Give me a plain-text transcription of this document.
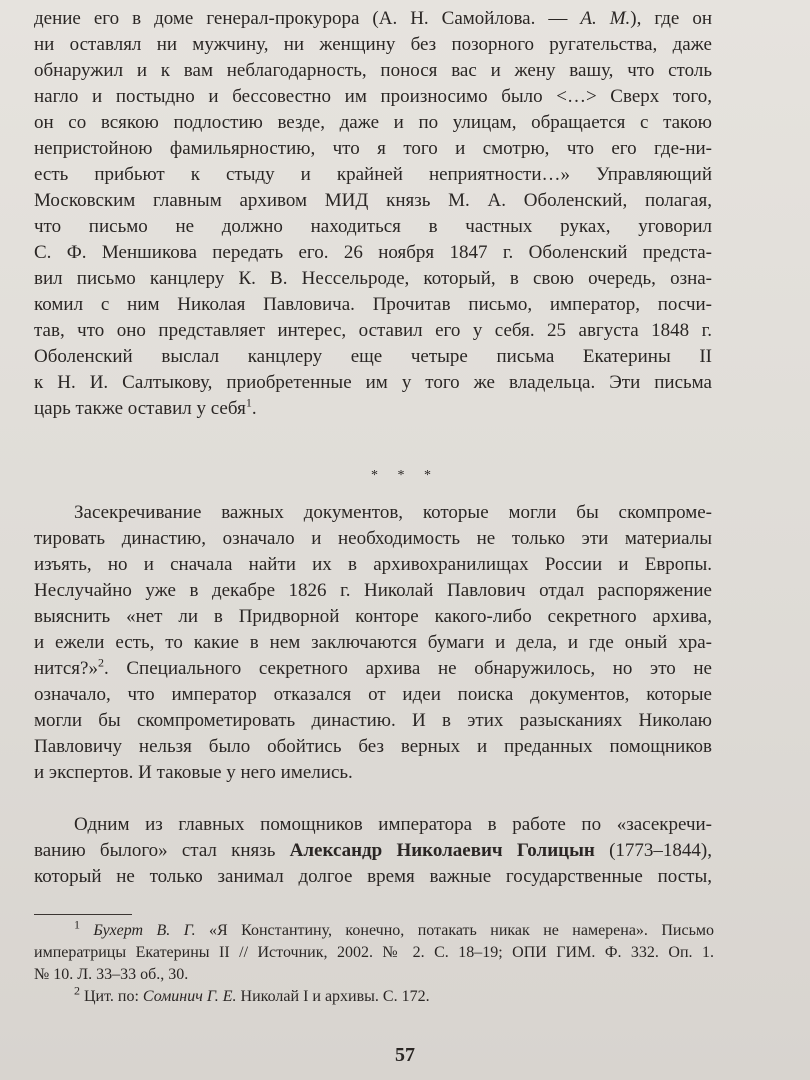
дение его в доме генерал-прокурора (А. Н. Самойлова. — А. М.), где он
ни оставлял ни мужчину, ни женщину без позорного ругательства, даже
обнаружил и к вам неблагодарность, понося вас и жену вашу, что столь
нагло и постыдно и бессовестно им произносимо было <…> Сверх того,
он со всякою подлостию везде, даже и по улицам, обращается с такою
непристойною фамильярностию, что я того и смотрю, что его где-ни-
есть прибьют к стыду и крайней неприятности…» Управляющий
Московским главным архивом МИД князь М. А. Оболенский, полагая,
что письмо не должно находиться в частных руках, уговорил
С. Ф. Меншикова передать его. 26 ноября 1847 г. Оболенский предста-
вил письмо канцлеру К. В. Нессельроде, который, в свою очередь, озна-
комил с ним Николая Павловича. Прочитав письмо, император, посчи-
тав, что оно представляет интерес, оставил его у себя. 25 августа 1848 г.
Оболенский выслал канцлеру еще четыре письма Екатерины II
к Н. И. Салтыкову, приобретенные им у того же владельца. Эти письма
царь также оставил у себя$^1$.
* * *
Засекречивание важных документов, которые могли бы скомпроме-
тировать династию, означало и необходимость не только эти материалы
изъять, но и сначала найти их в архивохранилищах России и Европы.
Неслучайно уже в декабре 1826 г. Николай Павлович отдал распоряжение
выяснить «нет ли в Придворной конторе какого-либо секретного архива,
и ежели есть, то какие в нем заключаются бумаги и дела, и где оный хра-
нится?»$^2$. Специального секретного архива не обнаружилось, но это не
означало, что император отказался от идеи поиска документов, которые
могли бы скомпрометировать династию. И в этих разысканиях Николаю
Павловичу нельзя было обойтись без верных и преданных помощников
и экспертов. И таковые у него имелись.
Одним из главных помощников императора в работе по «засекречи-
ванию былого» стал князь Александр Николаевич Голицын (1773–1844),
который не только занимал долгое время важные государственные посты,
$^1$ Бухерт В. Г. «Я Константину, конечно, потакать никак не намерена». Письмо
императрицы Екатерины II // Источник, 2002. № 2. С. 18–19; ОПИ ГИМ. Ф. 332. Оп. 1.
№ 10. Л. 33–33 об., 30.
$^2$ Цит. по: Соминич Г. Е. Николай I и архивы. С. 172.
57
